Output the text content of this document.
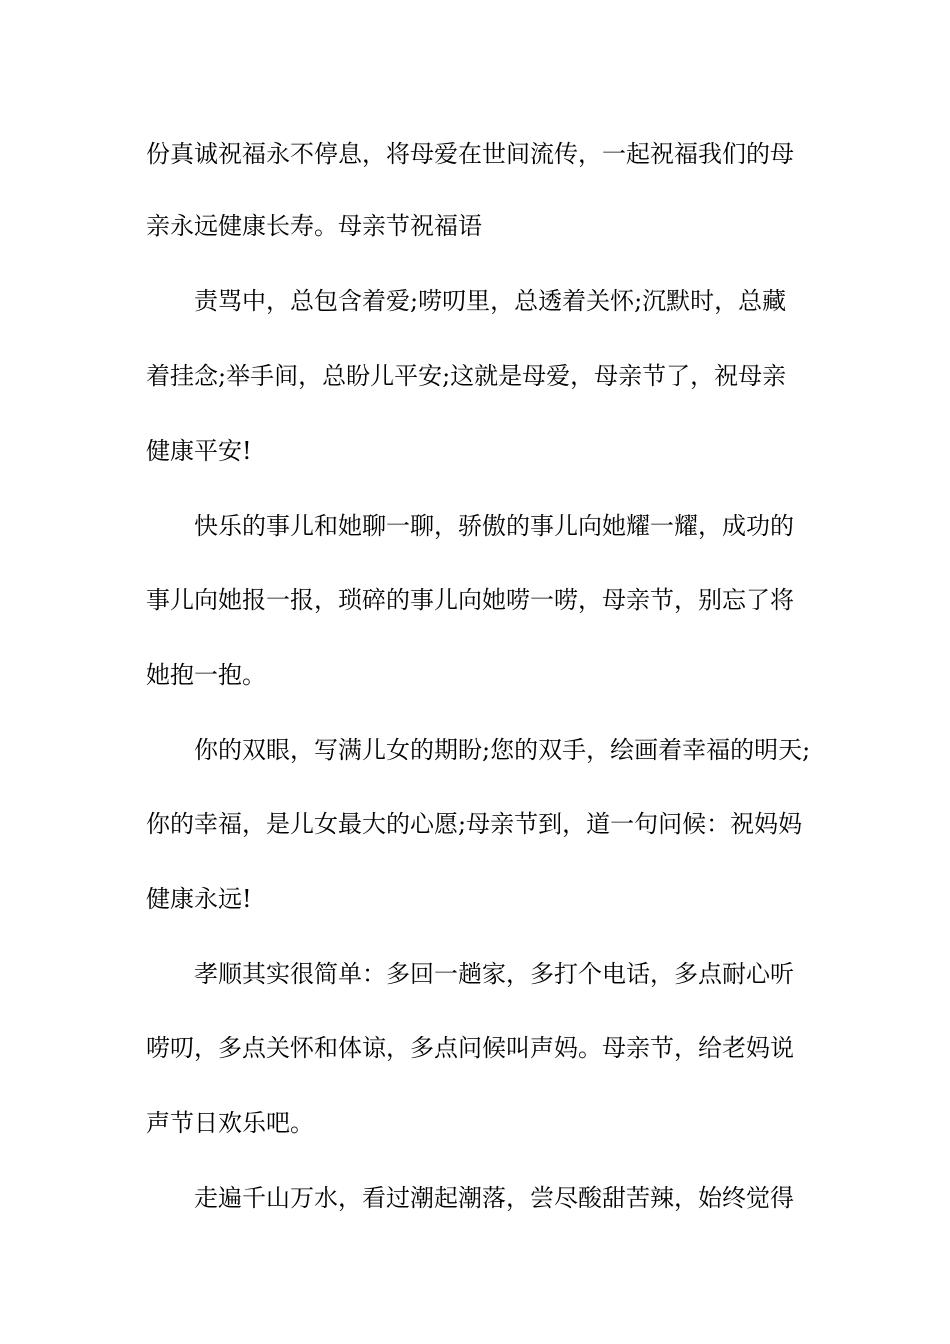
份真诚祝福永不停息，将母爱在世间流传，一起祝福我们的母
亲永远健康长寿。母亲节祝福语
责骂中，总包含着爱;唠叨里，总透着关怀;沉默时，总藏
着挂念;举手间，总盼儿平安;这就是母爱，母亲节了，祝母亲
健康平安!
快乐的事儿和她聊一聊，骄傲的事儿向她耀一耀，成功的
事儿向她报一报，琐碎的事儿向她唠一唠，母亲节，别忘了将
她抱一抱。
你的双眼，写满儿女的期盼;您的双手，绘画着幸福的明天;
你的幸福，是儿女最大的心愿;母亲节到，道一句问候：祝妈妈
健康永远!
孝顺其实很简单：多回一趟家，多打个电话，多点耐心听
唠叨，多点关怀和体谅，多点问候叫声妈。母亲节，给老妈说
声节日欢乐吧。
走遍千山万水，看过潮起潮落，尝尽酸甜苦辣，始终觉得
